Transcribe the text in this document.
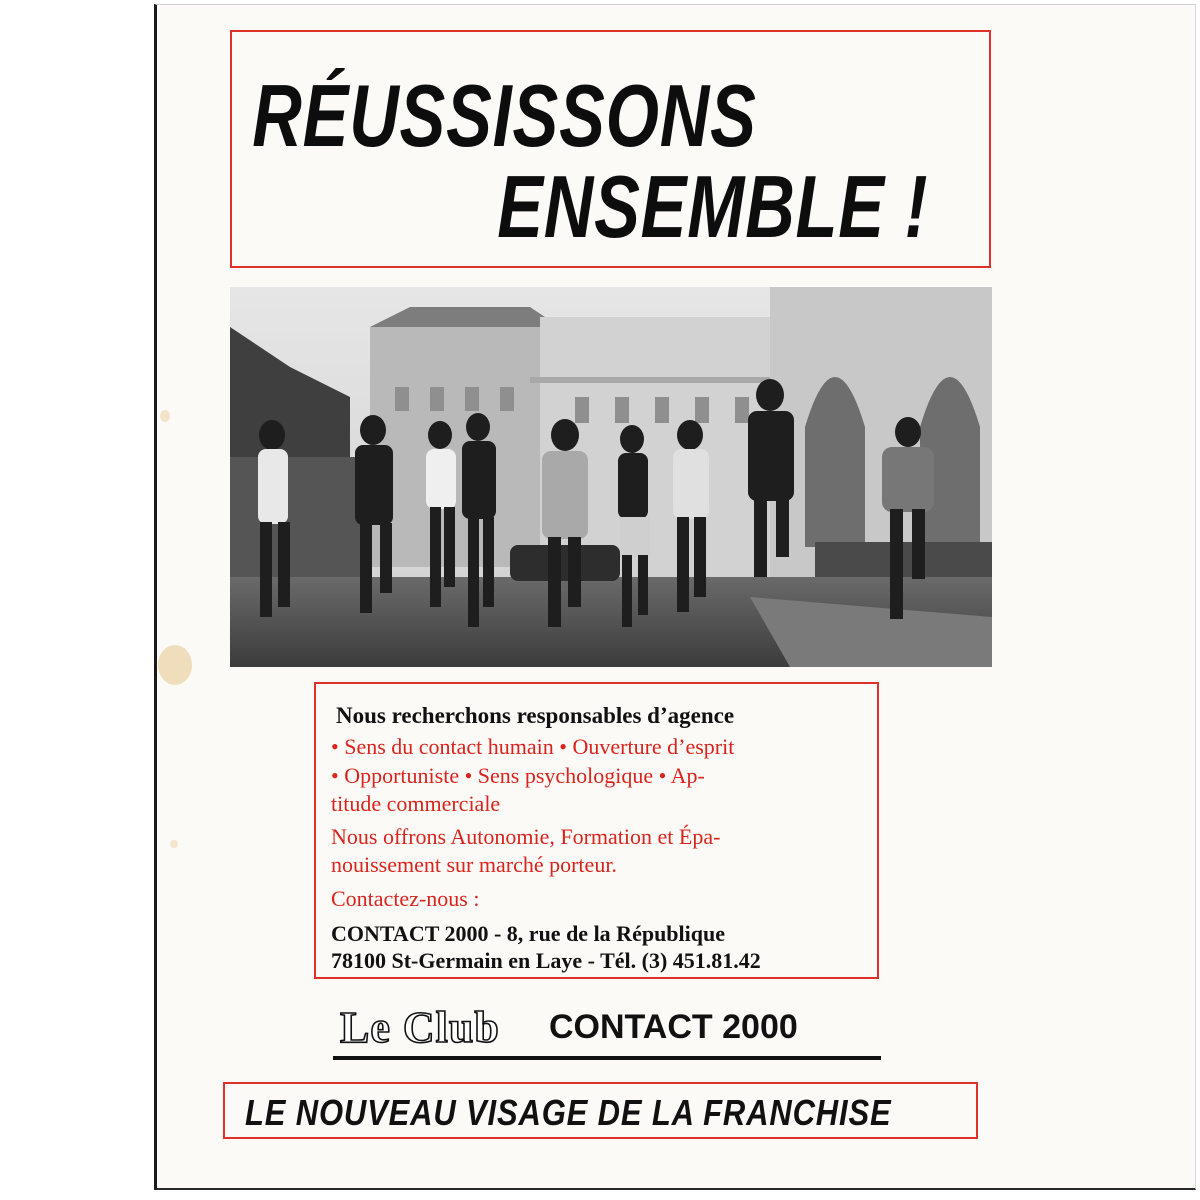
RÉUSSISSONS
ENSEMBLE !

Nous recherchons responsables d’agence

• Sens du contact humain • Ouverture d’esprit

• Opportuniste • Sens psychologique • Ap-

titude commerciale

Nous offrons Autonomie, Formation et Épa-

nouissement sur marché porteur.

Contactez-nous :

CONTACT 2000 - 8, rue de la République

78100 St-Germain en Laye - Tél. (3) 451.81.42

Le Club CONTACT 2000
LE NOUVEAU VISAGE DE LA FRANCHISE
